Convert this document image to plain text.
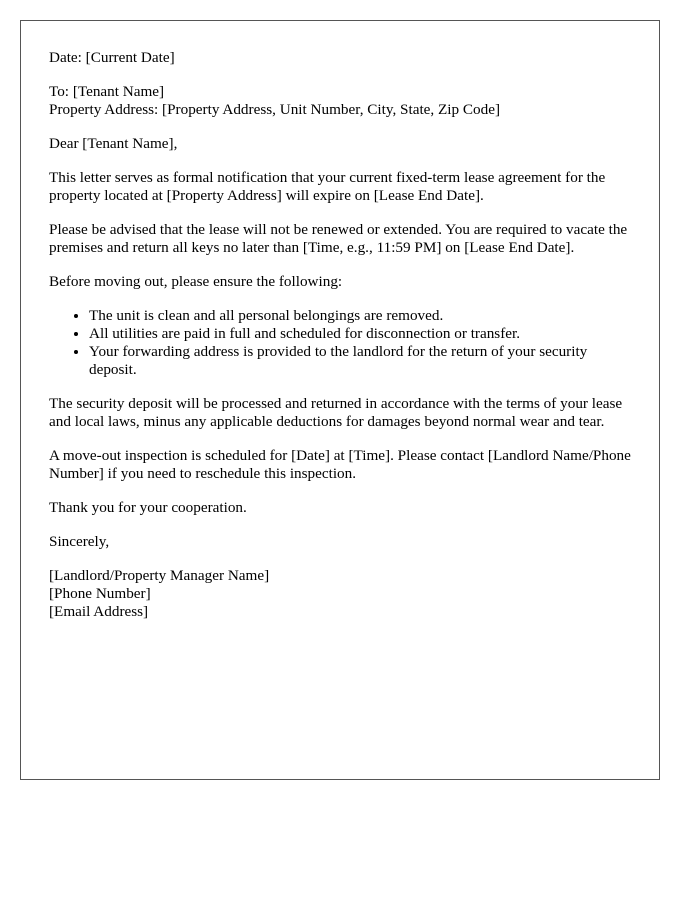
Date: [Current Date]

To: [Tenant Name]
Property Address: [Property Address, Unit Number, City, State, Zip Code]

Dear [Tenant Name],

This letter serves as formal notification that your current fixed-term lease agreement for the property located at [Property Address] will expire on [Lease End Date].

Please be advised that the lease will not be renewed or extended. You are required to vacate the premises and return all keys no later than [Time, e.g., 11:59 PM] on [Lease End Date].

Before moving out, please ensure the following:

• The unit is clean and all personal belongings are removed.
• All utilities are paid in full and scheduled for disconnection or transfer.
• Your forwarding address is provided to the landlord for the return of your security deposit.

The security deposit will be processed and returned in accordance with the terms of your lease and local laws, minus any applicable deductions for damages beyond normal wear and tear.

A move-out inspection is scheduled for [Date] at [Time]. Please contact [Landlord Name/Phone Number] if you need to reschedule this inspection.

Thank you for your cooperation.

Sincerely,

[Landlord/Property Manager Name]
[Phone Number]
[Email Address]
